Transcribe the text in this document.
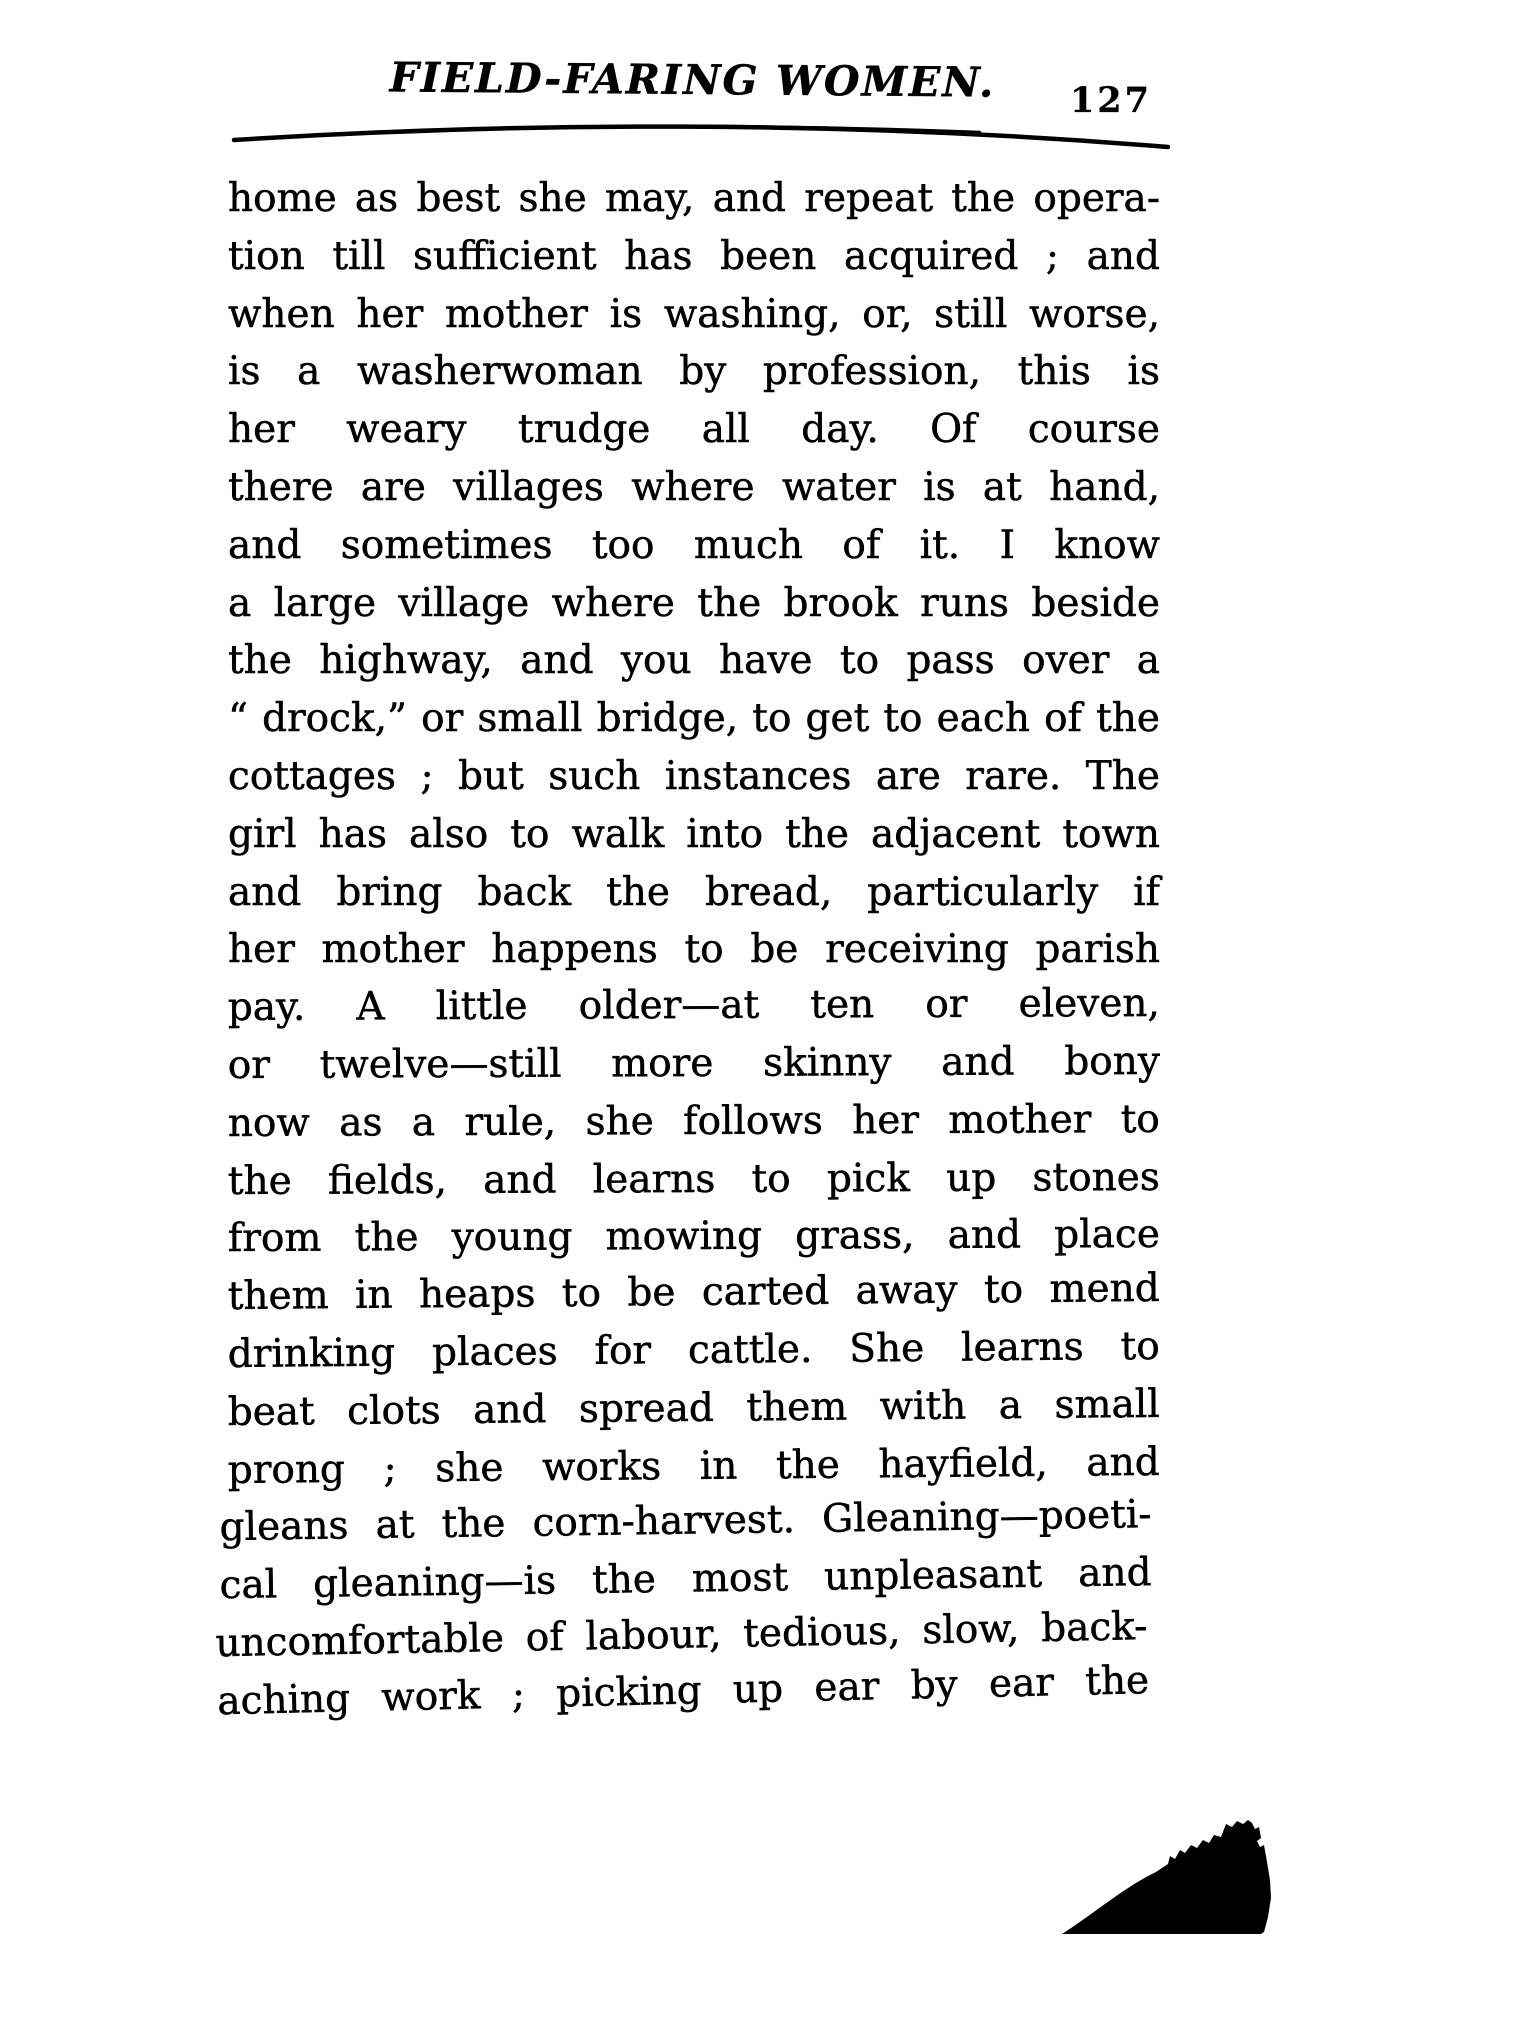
FIELD-FARING WOMEN.	127
home as best she may, and repeat the opera-
tion till sufficient has been acquired ; and
when her mother is washing, or, still worse,
is a washerwoman by profession, this is
her weary trudge all day. Of course
there are villages where water is at hand,
and sometimes too much of it. I know
a large village where the brook runs beside
the highway, and you have to pass over a
“ drock,” or small bridge, to get to each of the
cottages ; but such instances are rare. The
girl has also to walk into the adjacent town
and bring back the bread, particularly if
her mother happens to be receiving parish
pay. A little older—at ten or eleven,
or twelve—still more skinny and bony
now as a rule, she follows her mother to
the fields, and learns to pick up stones
from the young mowing grass, and place
them in heaps to be carted away to mend
drinking places for cattle. She learns to
beat clots and spread them with a small
prong ; she works in the hayfield, and
gleans at the corn-harvest. Gleaning—poeti-
cal gleaning—is the most unpleasant and
uncomfortable of labour, tedious, slow, back-
aching work ; picking up ear by ear the
